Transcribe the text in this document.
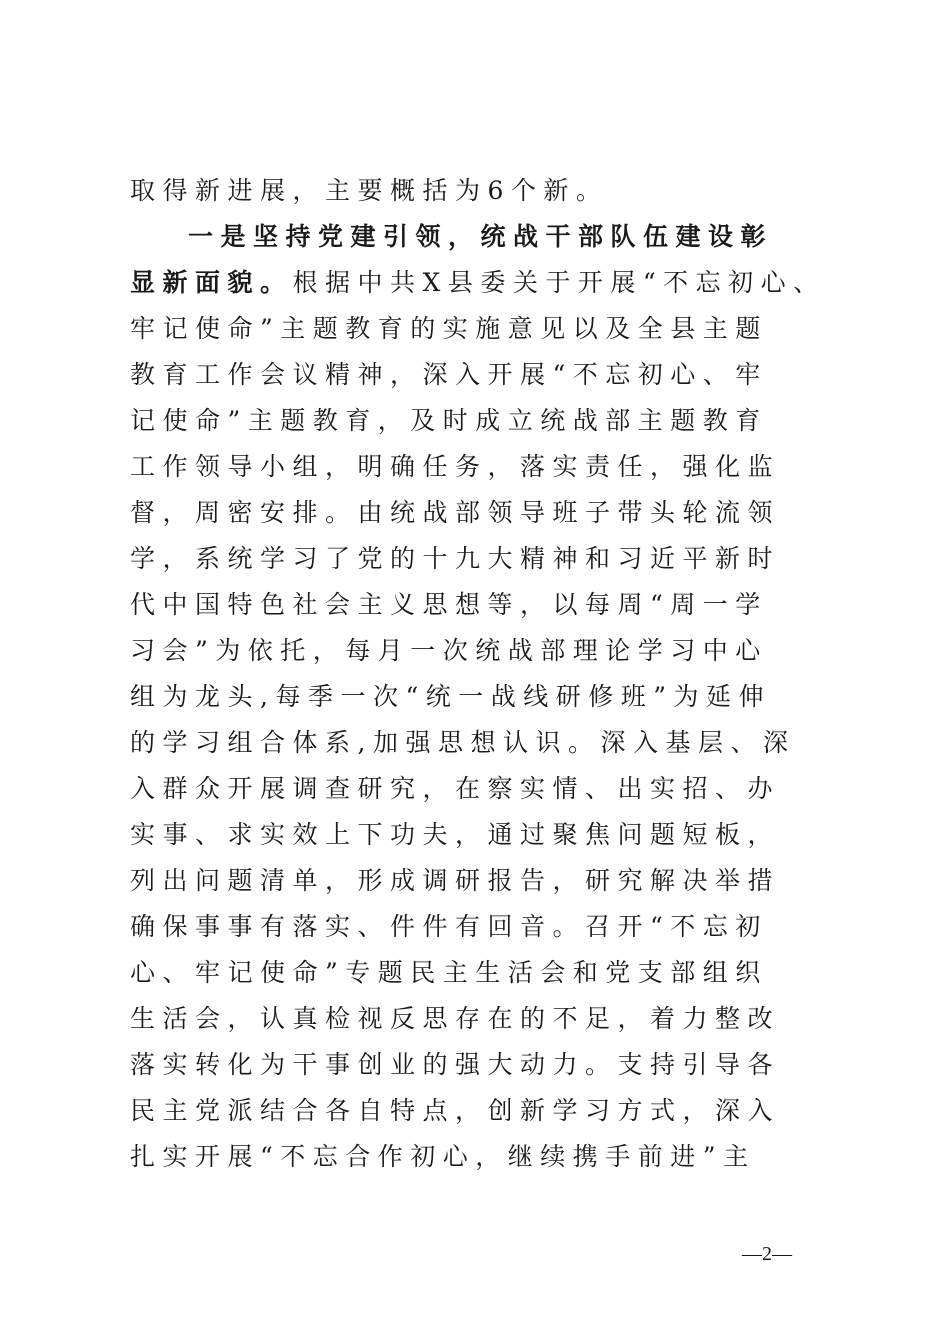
取得新进展，主要概括为6个新。
一是坚持党建引领，统战干部队伍建设彰
显新面貌。根据中共X县委关于开展“不忘初心、
牢记使命”主题教育的实施意见以及全县主题
教育工作会议精神，深入开展“不忘初心、牢
记使命”主题教育，及时成立统战部主题教育
工作领导小组，明确任务，落实责任，强化监
督，周密安排。由统战部领导班子带头轮流领
学，系统学习了党的十九大精神和习近平新时
代中国特色社会主义思想等，以每周“周一学
习会”为依托，每月一次统战部理论学习中心
组为龙头,每季一次“统一战线研修班”为延伸
的学习组合体系,加强思想认识。深入基层、深
入群众开展调查研究，在察实情、出实招、办
实事、求实效上下功夫，通过聚焦问题短板，
列出问题清单，形成调研报告，研究解决举措
确保事事有落实、件件有回音。召开“不忘初
心、牢记使命”专题民主生活会和党支部组织
生活会，认真检视反思存在的不足，着力整改
落实转化为干事创业的强大动力。支持引导各
民主党派结合各自特点，创新学习方式，深入
扎实开展“不忘合作初心，继续携手前进”主
—2—
